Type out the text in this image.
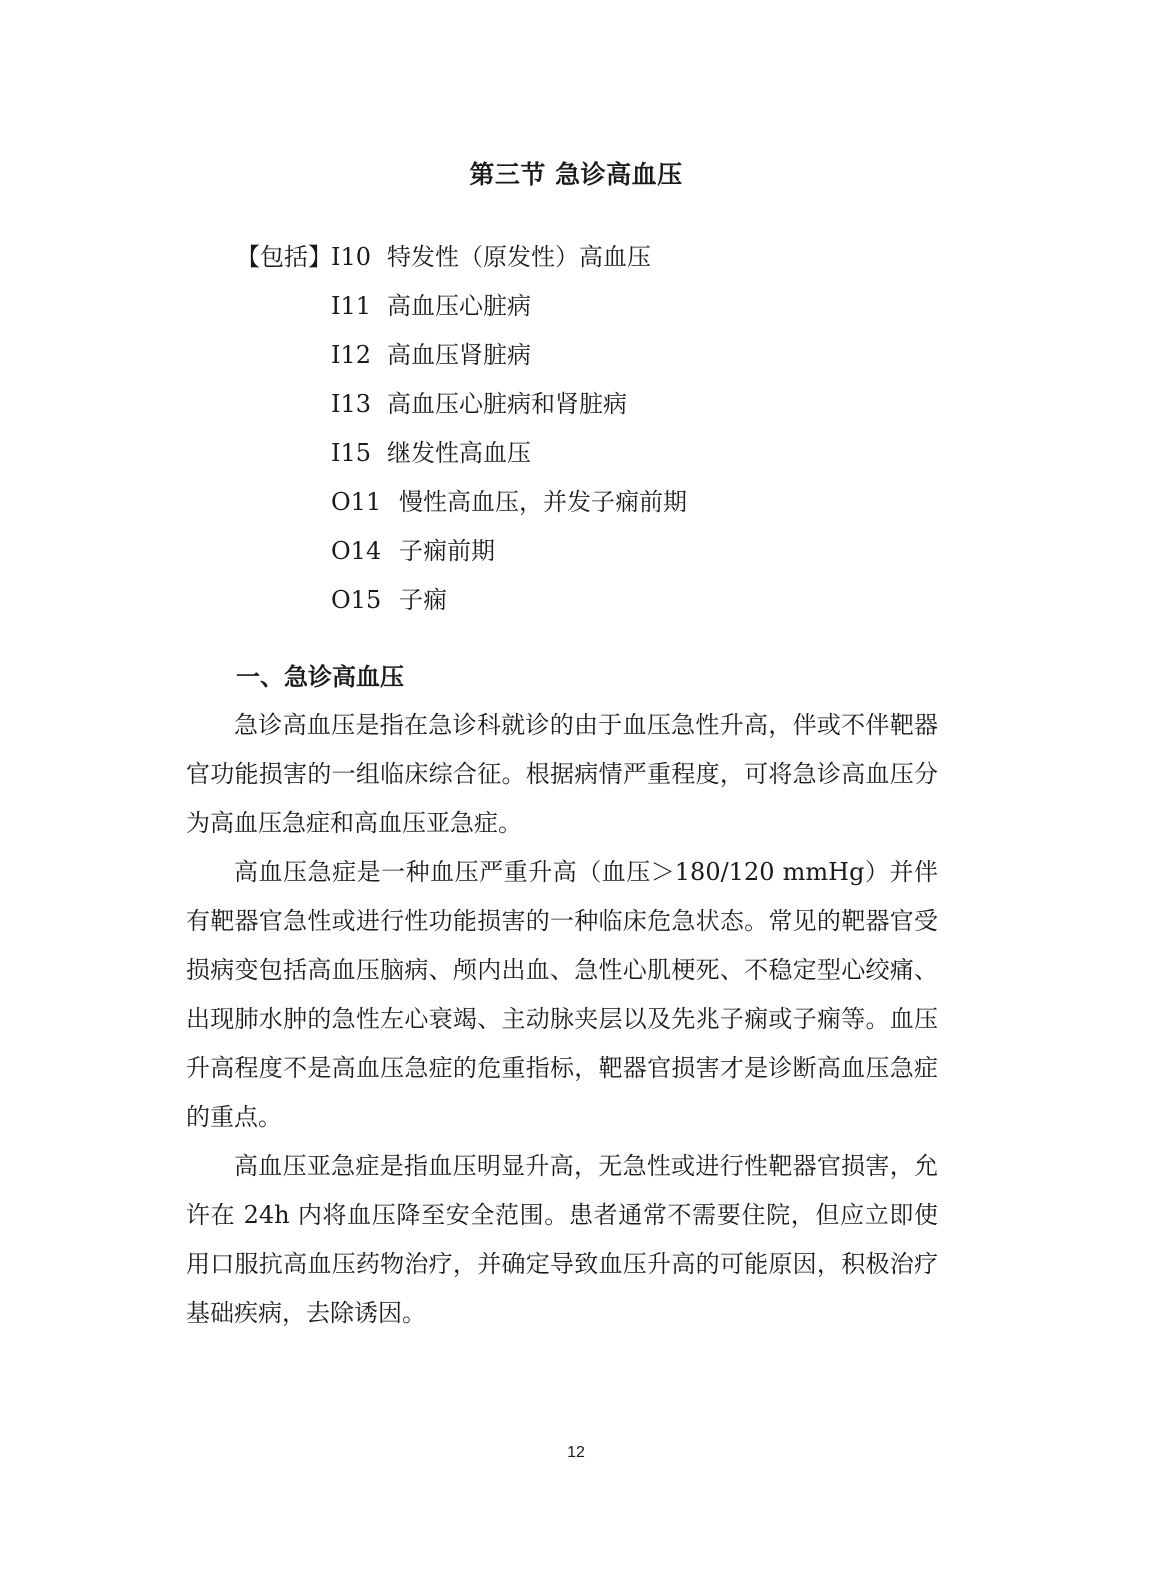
第三节 急诊高血压
【包括】 I10 特发性（原发性）高血压
I11 高血压心脏病
I12 高血压肾脏病
I13 高血压心脏病和肾脏病
I15 继发性高血压
O11 慢性高血压，并发子痫前期
O14 子痫前期
O15 子痫
一、急诊高血压

急诊高血压是指在急诊科就诊的由于血压急性升高，伴或不伴靶器官功能损害的一组临床综合征。根据病情严重程度，可将急诊高血压分为高血压急症和高血压亚急症。

高血压急症是一种血压严重升高（血压＞180/120 mmHg）并伴有靶器官急性或进行性功能损害的一种临床危急状态。常见的靶器官受损病变包括高血压脑病、颅内出血、急性心肌梗死、不稳定型心绞痛、出现肺水肿的急性左心衰竭、主动脉夹层以及先兆子痫或子痫等。血压升高程度不是高血压急症的危重指标，靶器官损害才是诊断高血压急症的重点。

高血压亚急症是指血压明显升高，无急性或进行性靶器官损害，允许在 24h 内将血压降至安全范围。患者通常不需要住院，但应立即使用口服抗高血压药物治疗，并确定导致血压升高的可能原因，积极治疗基础疾病，去除诱因。

12
